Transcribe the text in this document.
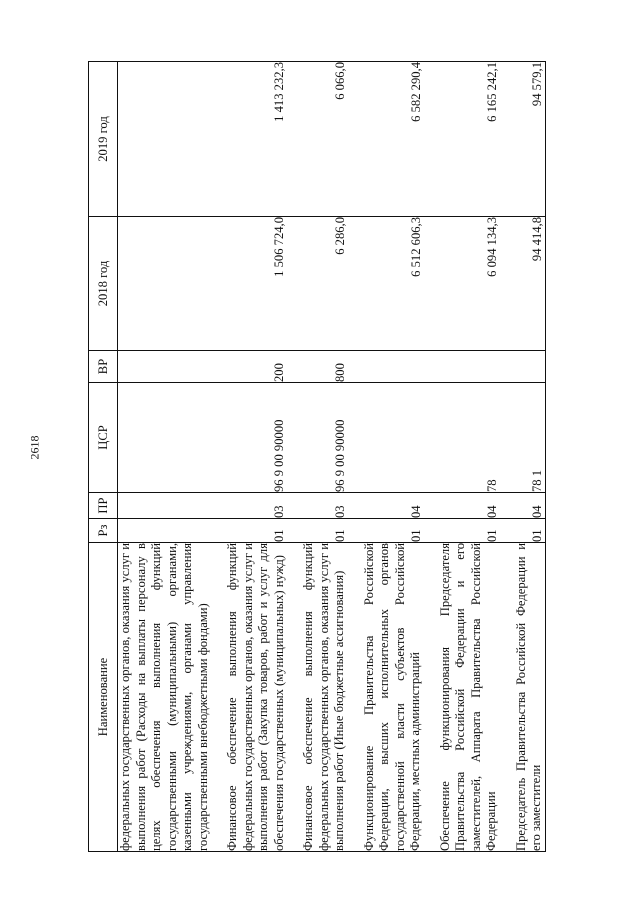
2618
Наименование	Рз	ПР	ЦСР	ВР	2018 год	2019 год

федеральных государственных органов, оказания услуг и выполнения работ (Расходы на выплаты персоналу в целях обеспечения выполнения функций государственными (муниципальными) органами, казенными учреждениями, органами управления государственными внебюджетными фондами)						

Финансовое обеспечение выполнения функций федеральных государственных органов, оказания услуг и выполнения работ (Закупка товаров, работ и услуг для обеспечения государственных (муниципальных) нужд)	01	03	96 9 00 90000	200	1 506 724,0	1 413 232,3

Финансовое обеспечение выполнения функций федеральных государственных органов, оказания услуг и выполнения работ (Иные бюджетные ассигнования)	01	03	96 9 00 90000	800	6 286,0	6 066,0

Функционирование Правительства Российской Федерации, высших исполнительных органов государственной власти субъектов Российской Федерации, местных администраций	01	04			6 512 606,3	6 582 290,4

Обеспечение функционирования Председателя Правительства Российской Федерации и его заместителей, Аппарата Правительства Российской Федерации	01	04	78		6 094 134,3	6 165 242,1

Председатель Правительства Российской Федерации и его заместители	01	04	78 1		94 414,8	94 579,1
